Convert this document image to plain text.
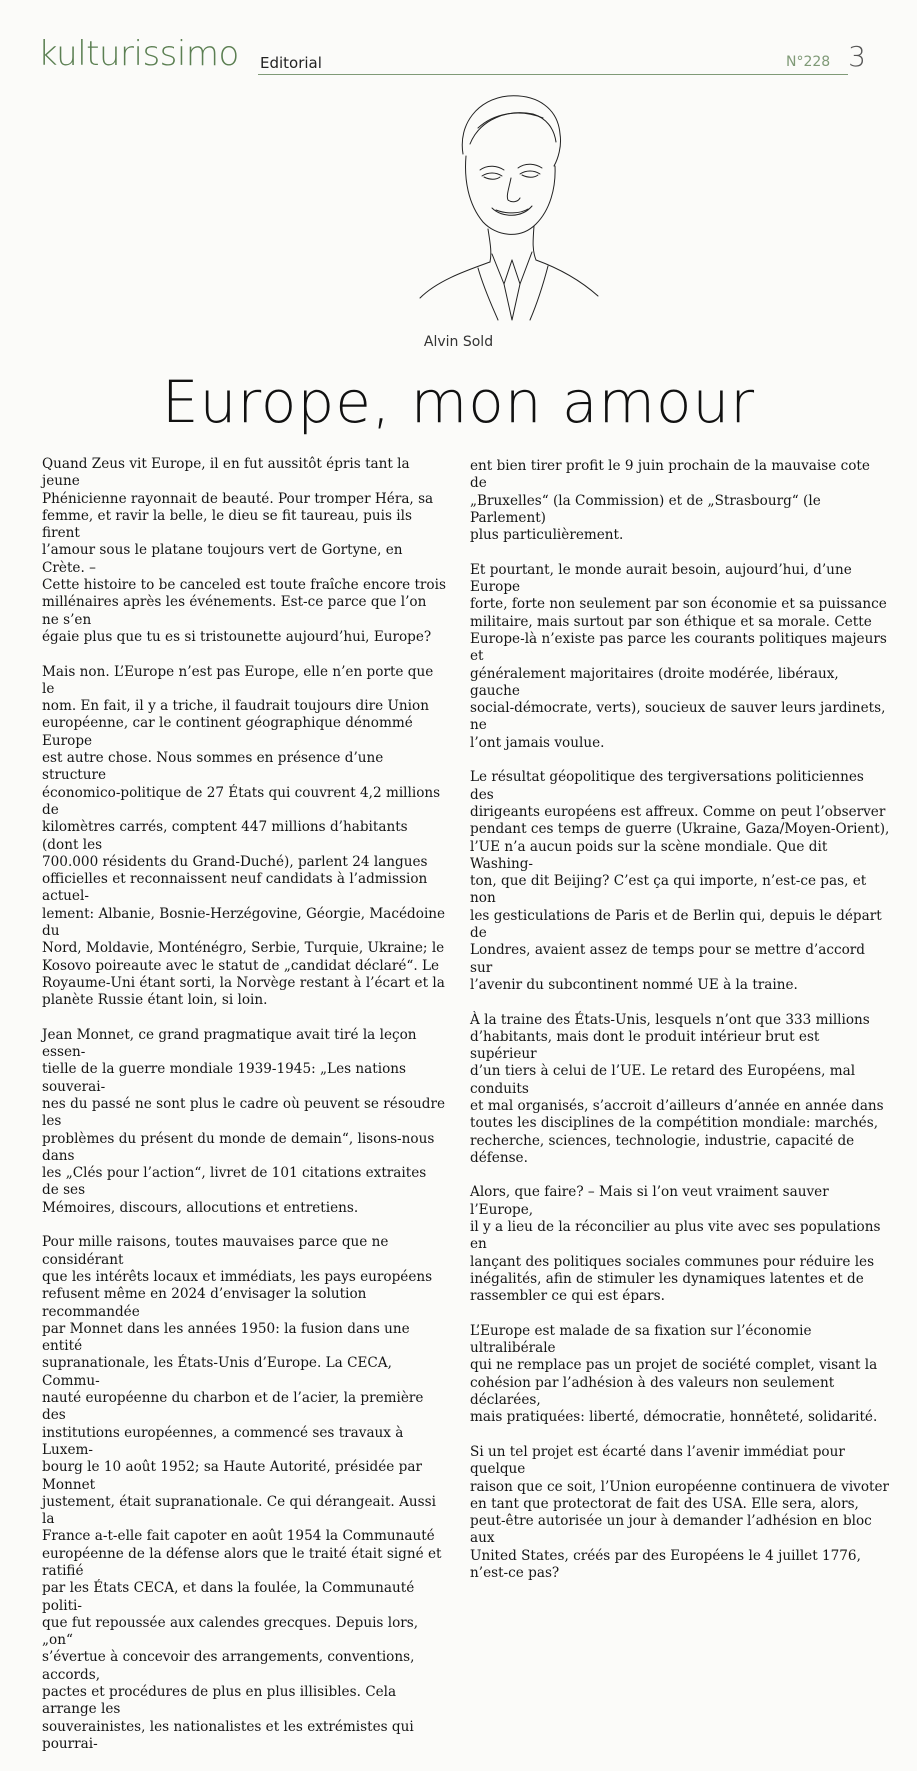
kulturissimo Editorial	N°228 3
Alvin Sold
Europe, mon amour

Quand Zeus vit Europe, il en fut aussitôt épris tant la jeune
Phénicienne rayonnait de beauté. Pour tromper Héra, sa
femme, et ravir la belle, le dieu se fit taureau, puis ils firent
l’amour sous le platane toujours vert de Gortyne, en Crète. –
Cette histoire to be canceled est toute fraîche encore trois
millénaires après les événements. Est-ce parce que l’on ne s’en
égaie plus que tu es si tristounette aujourd’hui, Europe?

Mais non. L’Europe n’est pas Europe, elle n’en porte que le
nom. En fait, il y a triche, il faudrait toujours dire Union
européenne, car le continent géographique dénommé Europe
est autre chose. Nous sommes en présence d’une structure
économico-politique de 27 États qui couvrent 4,2 millions de
kilomètres carrés, comptent 447 millions d’habitants (dont les
700.000 résidents du Grand-Duché), parlent 24 langues
officielles et reconnaissent neuf candidats à l’admission actuel-
lement: Albanie, Bosnie-Herzégovine, Géorgie, Macédoine du
Nord, Moldavie, Monténégro, Serbie, Turquie, Ukraine; le
Kosovo poireaute avec le statut de „candidat déclaré“. Le
Royaume-Uni étant sorti, la Norvège restant à l’écart et la
planète Russie étant loin, si loin.

Jean Monnet, ce grand pragmatique avait tiré la leçon essen-
tielle de la guerre mondiale 1939-1945: „Les nations souverai-
nes du passé ne sont plus le cadre où peuvent se résoudre les
problèmes du présent du monde de demain“, lisons-nous dans
les „Clés pour l’action“, livret de 101 citations extraites de ses
Mémoires, discours, allocutions et entretiens.

Pour mille raisons, toutes mauvaises parce que ne considérant
que les intérêts locaux et immédiats, les pays européens
refusent même en 2024 d’envisager la solution recommandée
par Monnet dans les années 1950: la fusion dans une entité
supranationale, les États-Unis d’Europe. La CECA, Commu-
nauté européenne du charbon et de l’acier, la première des
institutions européennes, a commencé ses travaux à Luxem-
bourg le 10 août 1952; sa Haute Autorité, présidée par Monnet
justement, était supranationale. Ce qui dérangeait. Aussi la
France a-t-elle fait capoter en août 1954 la Communauté
européenne de la défense alors que le traité était signé et ratifié
par les États CECA, et dans la foulée, la Communauté politi-
que fut repoussée aux calendes grecques. Depuis lors, „on“
s’évertue à concevoir des arrangements, conventions, accords,
pactes et procédures de plus en plus illisibles. Cela arrange les
souverainistes, les nationalistes et les extrémistes qui pourrai-

ent bien tirer profit le 9 juin prochain de la mauvaise cote de
„Bruxelles“ (la Commission) et de „Strasbourg“ (le Parlement)
plus particulièrement.

Et pourtant, le monde aurait besoin, aujourd’hui, d’une Europe
forte, forte non seulement par son économie et sa puissance
militaire, mais surtout par son éthique et sa morale. Cette
Europe-là n’existe pas parce les courants politiques majeurs et
généralement majoritaires (droite modérée, libéraux, gauche
social-démocrate, verts), soucieux de sauver leurs jardinets, ne
l’ont jamais voulue.

Le résultat géopolitique des tergiversations politiciennes des
dirigeants européens est affreux. Comme on peut l’observer
pendant ces temps de guerre (Ukraine, Gaza/Moyen-Orient),
l’UE n’a aucun poids sur la scène mondiale. Que dit Washing-
ton, que dit Beijing? C’est ça qui importe, n’est-ce pas, et non
les gesticulations de Paris et de Berlin qui, depuis le départ de
Londres, avaient assez de temps pour se mettre d’accord sur
l’avenir du subcontinent nommé UE à la traine.

À la traine des États-Unis, lesquels n’ont que 333 millions
d’habitants, mais dont le produit intérieur brut est supérieur
d’un tiers à celui de l’UE. Le retard des Européens, mal conduits
et mal organisés, s’accroit d’ailleurs d’année en année dans
toutes les disciplines de la compétition mondiale: marchés,
recherche, sciences, technologie, industrie, capacité de défense.

Alors, que faire? – Mais si l’on veut vraiment sauver l’Europe,
il y a lieu de la réconcilier au plus vite avec ses populations en
lançant des politiques sociales communes pour réduire les
inégalités, afin de stimuler les dynamiques latentes et de
rassembler ce qui est épars.

L’Europe est malade de sa fixation sur l’économie ultralibérale
qui ne remplace pas un projet de société complet, visant la
cohésion par l’adhésion à des valeurs non seulement déclarées,
mais pratiquées: liberté, démocratie, honnêteté, solidarité.

Si un tel projet est écarté dans l’avenir immédiat pour quelque
raison que ce soit, l’Union européenne continuera de vivoter
en tant que protectorat de fait des USA. Elle sera, alors,
peut-être autorisée un jour à demander l’adhésion en bloc aux
United States, créés par des Européens le 4 juillet 1776,
n’est-ce pas?
